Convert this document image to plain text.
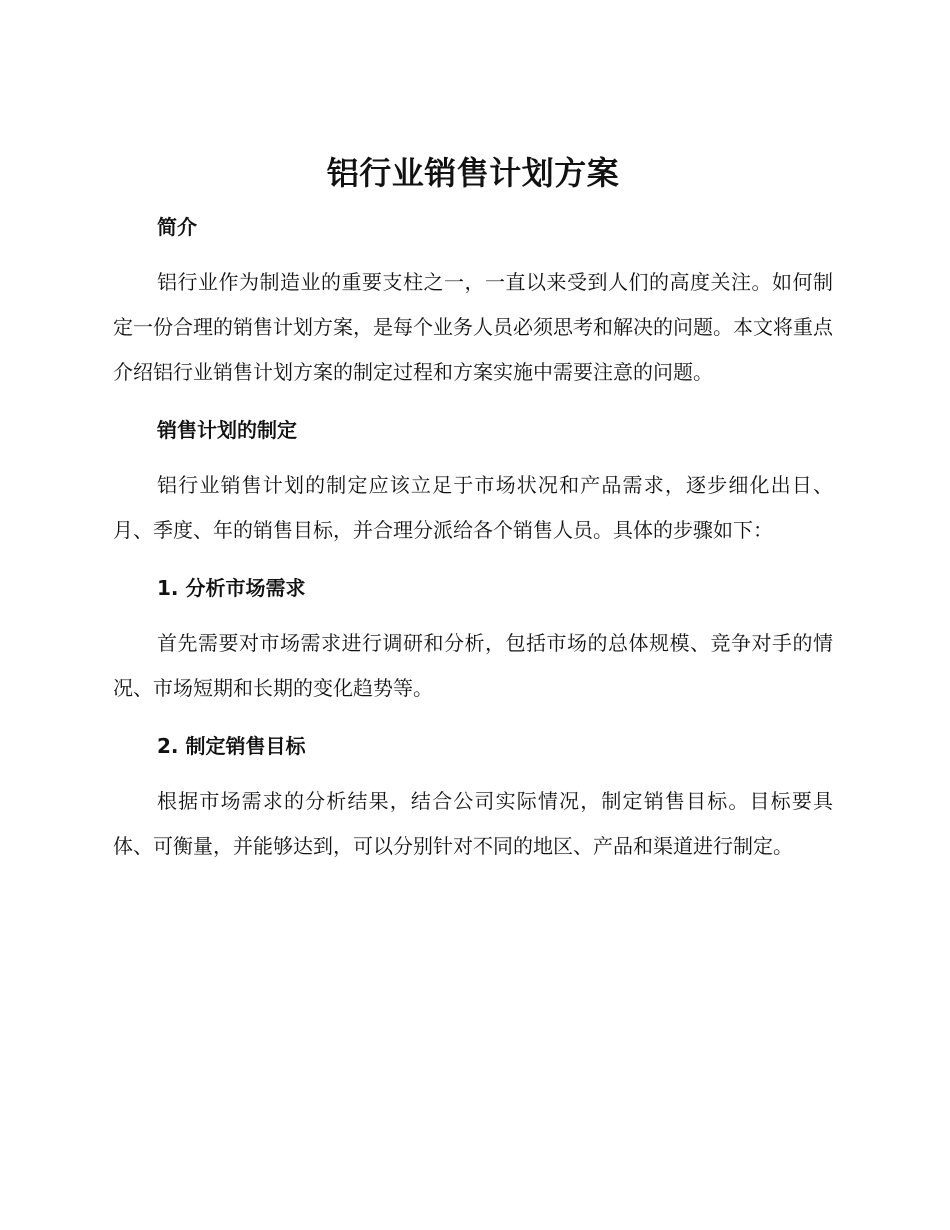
铝行业销售计划方案
简介

铝行业作为制造业的重要支柱之一，一直以来受到人们的高度关注。如何制定一份合理的销售计划方案，是每个业务人员必须思考和解决的问题。本文将重点介绍铝行业销售计划方案的制定过程和方案实施中需要注意的问题。

销售计划的制定

铝行业销售计划的制定应该立足于市场状况和产品需求，逐步细化出日、月、季度、年的销售目标，并合理分派给各个销售人员。具体的步骤如下：

1. 分析市场需求

首先需要对市场需求进行调研和分析，包括市场的总体规模、竞争对手的情况、市场短期和长期的变化趋势等。

2. 制定销售目标

根据市场需求的分析结果，结合公司实际情况，制定销售目标。目标要具体、可衡量，并能够达到，可以分别针对不同的地区、产品和渠道进行制定。
